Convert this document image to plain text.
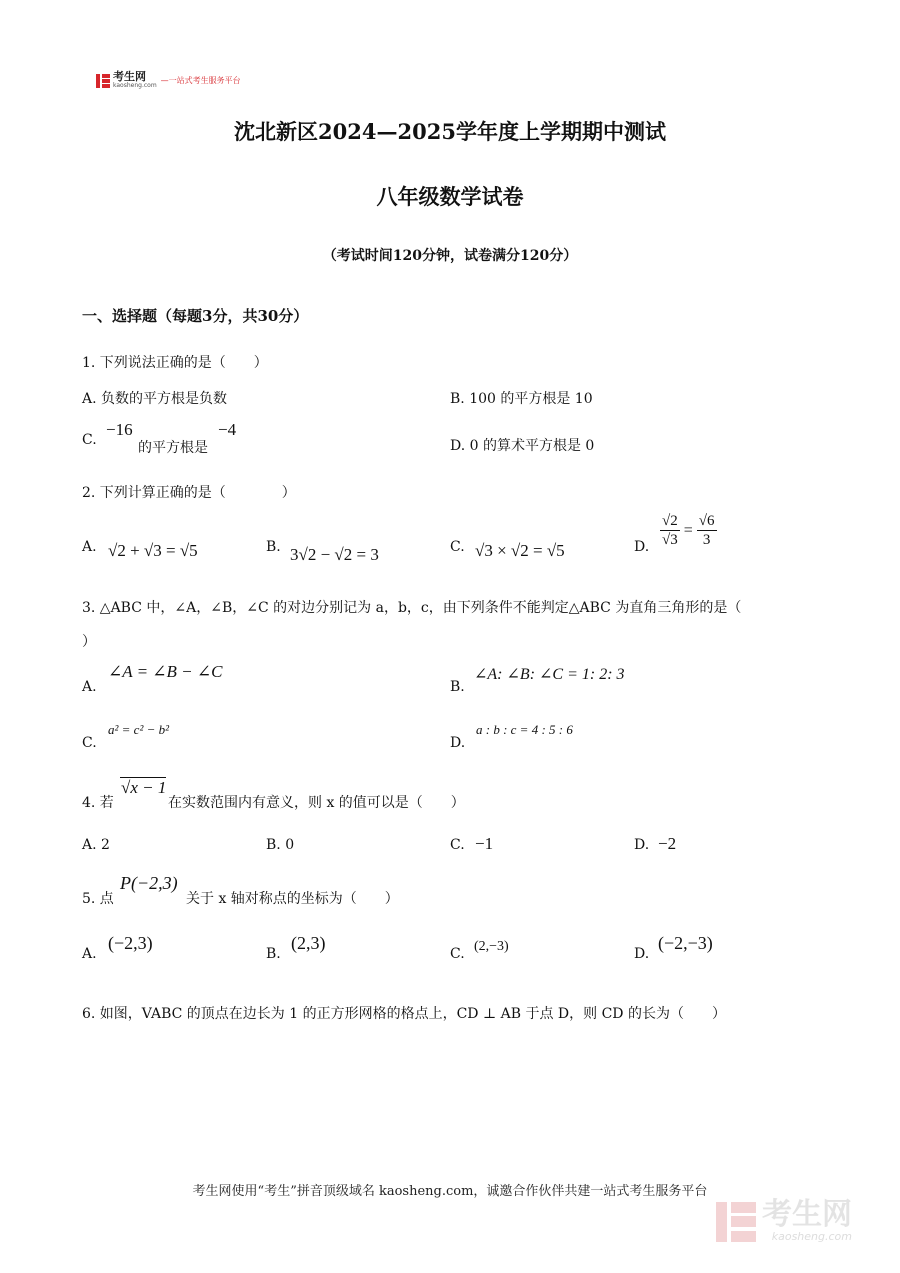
考生网
kaosheng.com
—一站式考生服务平台
沈北新区2024—2025学年度上学期期中测试
八年级数学试卷
（考试时间120分钟，试卷满分120分）
一、选择题（每题3分，共30分）
1. 下列说法正确的是（　　）
A. 负数的平方根是负数	B. 100 的平方根是 10
C.
−16
的平方根是
−4
D. 0 的算术平方根是 0
2. 下列计算正确的是（　　　　）
A. √2 + √3 = √5	B. 3√2 − √2 = 3	C. √3 × √2 = √5	D. $\frac{√2}{√3} = \frac{√6}{3}$
3. △ABC 中，∠A，∠B，∠C 的对边分别记为 a，b，c，由下列条件不能判定△ABC 为直角三角形的是（
）
A.
∠A = ∠B − ∠C
B.
∠A: ∠B: ∠C = 1: 2: 3
C.
a² = c² − b²
D.
a : b : c = 4 : 5 : 6
4. 若
√x − 1
在实数范围内有意义，则 x 的值可以是（　　）
A. 2	B. 0	C. −1	D. −2
5. 点
P(−2,3)
关于 x 轴对称点的坐标为（　　）
A.
(−2,3)
B.
(2,3)
C. (2,−3)	D.
(−2,−3)
6. 如图，VABC 的顶点在边长为 1 的正方形网格的格点上，CD ⊥ AB 于点 D，则 CD 的长为（　　）
考生网使用“考生”拼音顶级域名 kaosheng.com，诚邀合作伙伴共建一站式考生服务平台
考生网
kaosheng.com
